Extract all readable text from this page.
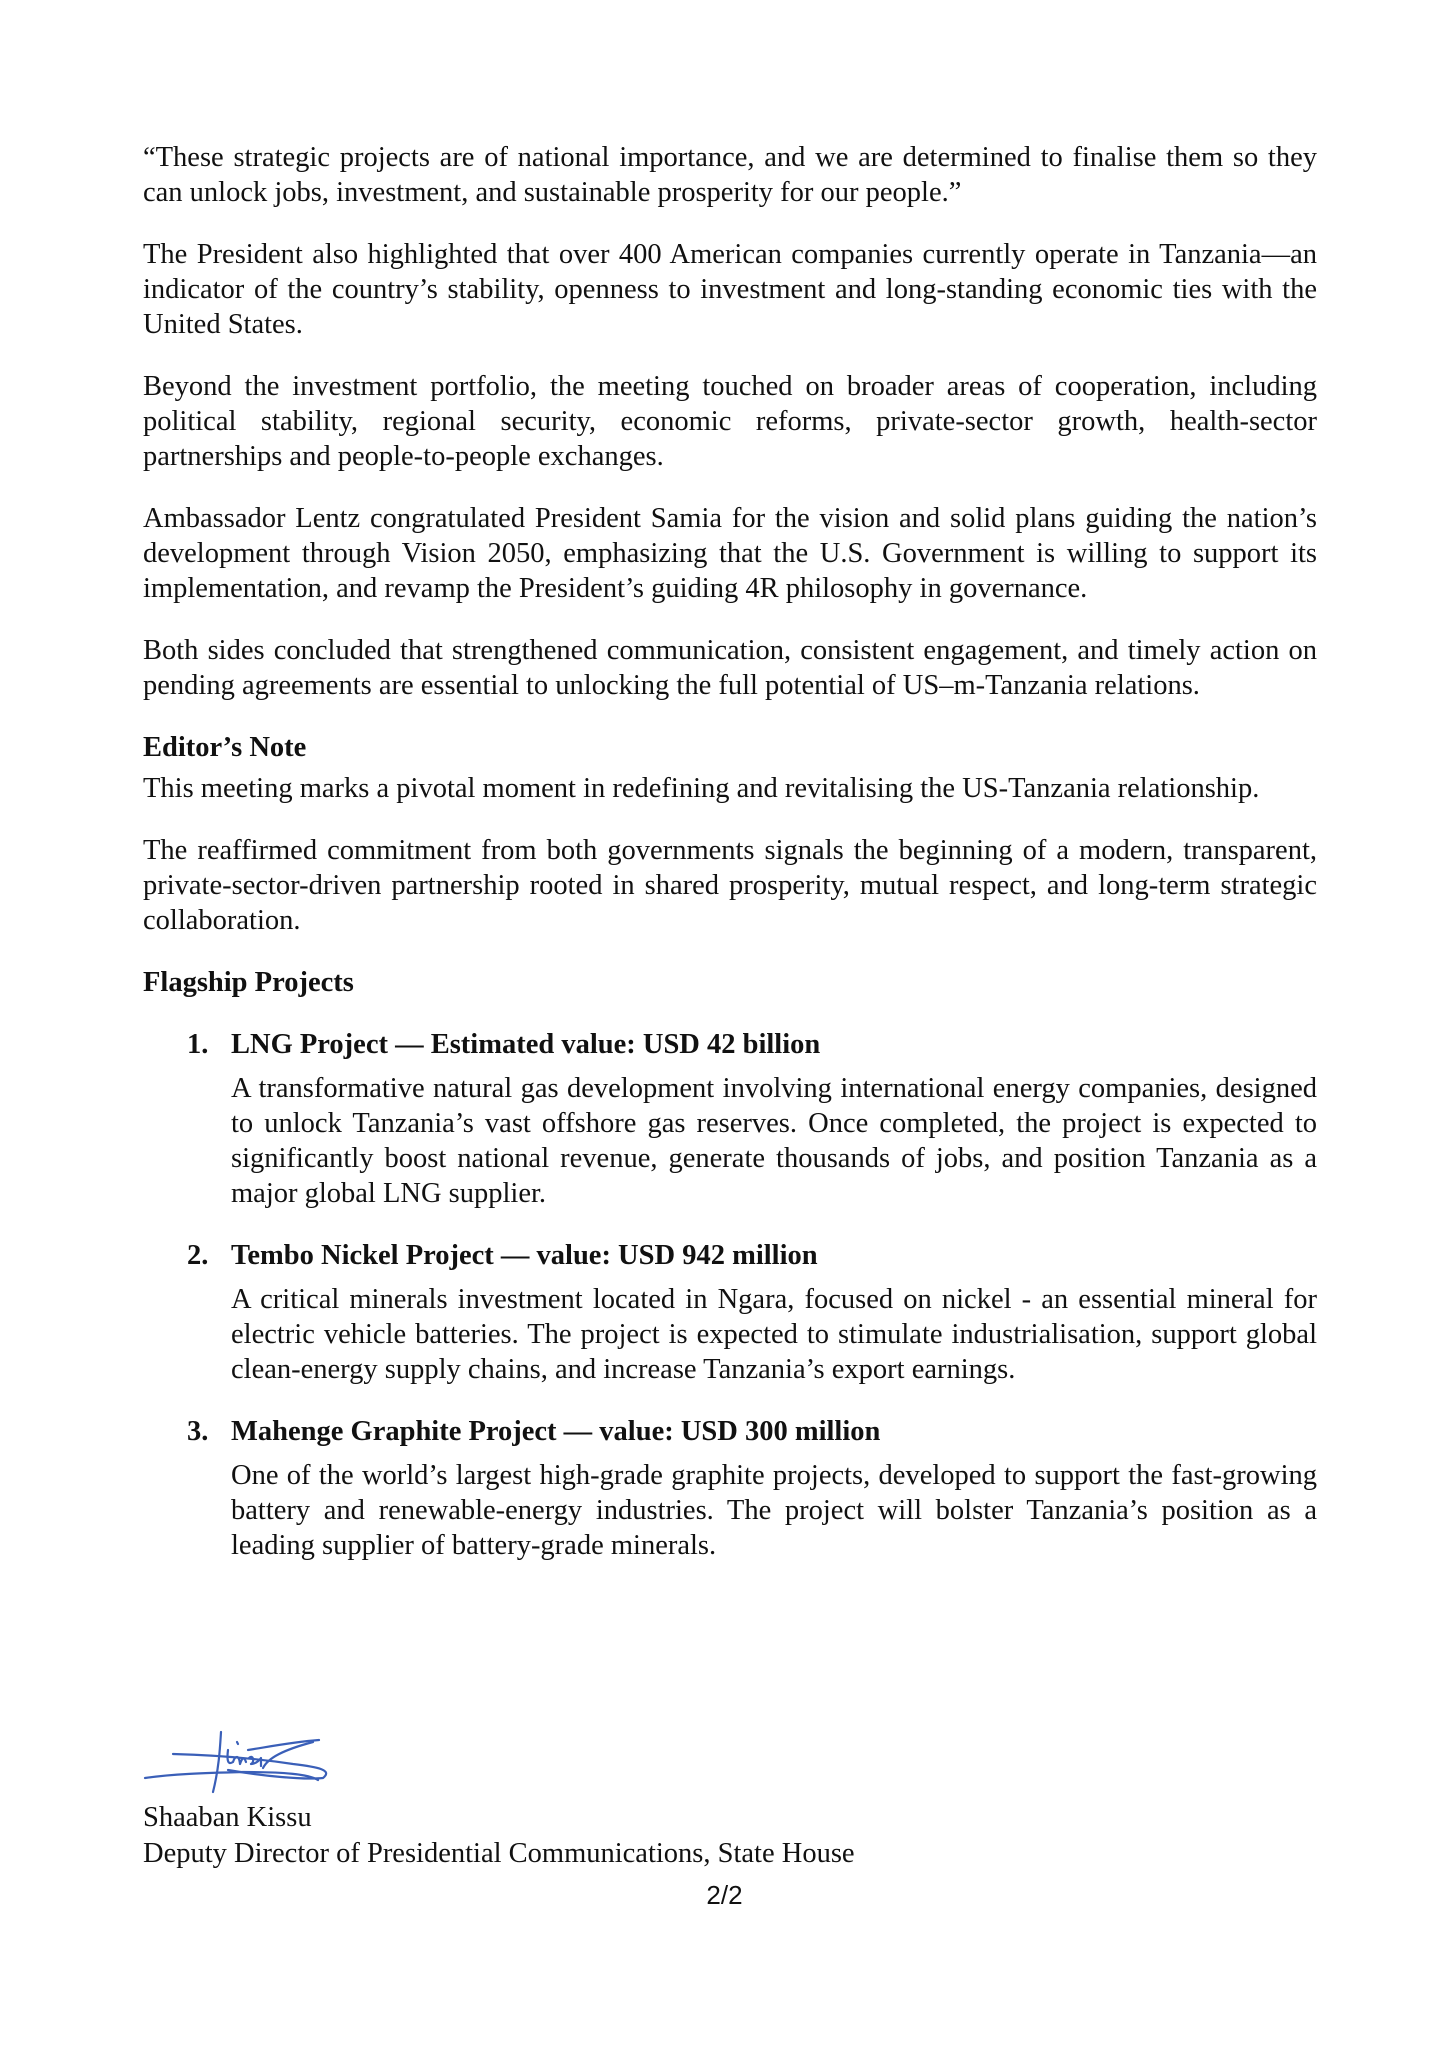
“These strategic projects are of national importance, and we are determined to finalise them so they can unlock jobs, investment, and sustainable prosperity for our people.”

The President also highlighted that over 400 American companies currently operate in Tanzania—an indicator of the country’s stability, openness to investment and long-standing economic ties with the United States.

Beyond the investment portfolio, the meeting touched on broader areas of cooperation, including political stability, regional security, economic reforms, private-sector growth, health-sector partnerships and people-to-people exchanges.

Ambassador Lentz congratulated President Samia for the vision and solid plans guiding the nation’s development through Vision 2050, emphasizing that the U.S. Government is willing to support its implementation, and revamp the President’s guiding 4R philosophy in governance.

Both sides concluded that strengthened communication, consistent engagement, and timely action on pending agreements are essential to unlocking the full potential of US–m-Tanzania relations.

Editor’s Note

This meeting marks a pivotal moment in redefining and revitalising the US-Tanzania relationship.

The reaffirmed commitment from both governments signals the beginning of a modern, transparent, private-sector-driven partnership rooted in shared prosperity, mutual respect, and long-term strategic collaboration.

Flagship Projects

1. LNG Project — Estimated value: USD 42 billion

A transformative natural gas development involving international energy companies, designed to unlock Tanzania’s vast offshore gas reserves. Once completed, the project is expected to significantly boost national revenue, generate thousands of jobs, and position Tanzania as a major global LNG supplier.

2. Tembo Nickel Project — value: USD 942 million

A critical minerals investment located in Ngara, focused on nickel - an essential mineral for electric vehicle batteries. The project is expected to stimulate industrialisation, support global clean-energy supply chains, and increase Tanzania’s export earnings.

3. Mahenge Graphite Project — value: USD 300 million

One of the world’s largest high-grade graphite projects, developed to support the fast-growing battery and renewable-energy industries. The project will bolster Tanzania’s position as a leading supplier of battery-grade minerals.

Shaaban Kissu
Deputy Director of Presidential Communications, State House
2/2
